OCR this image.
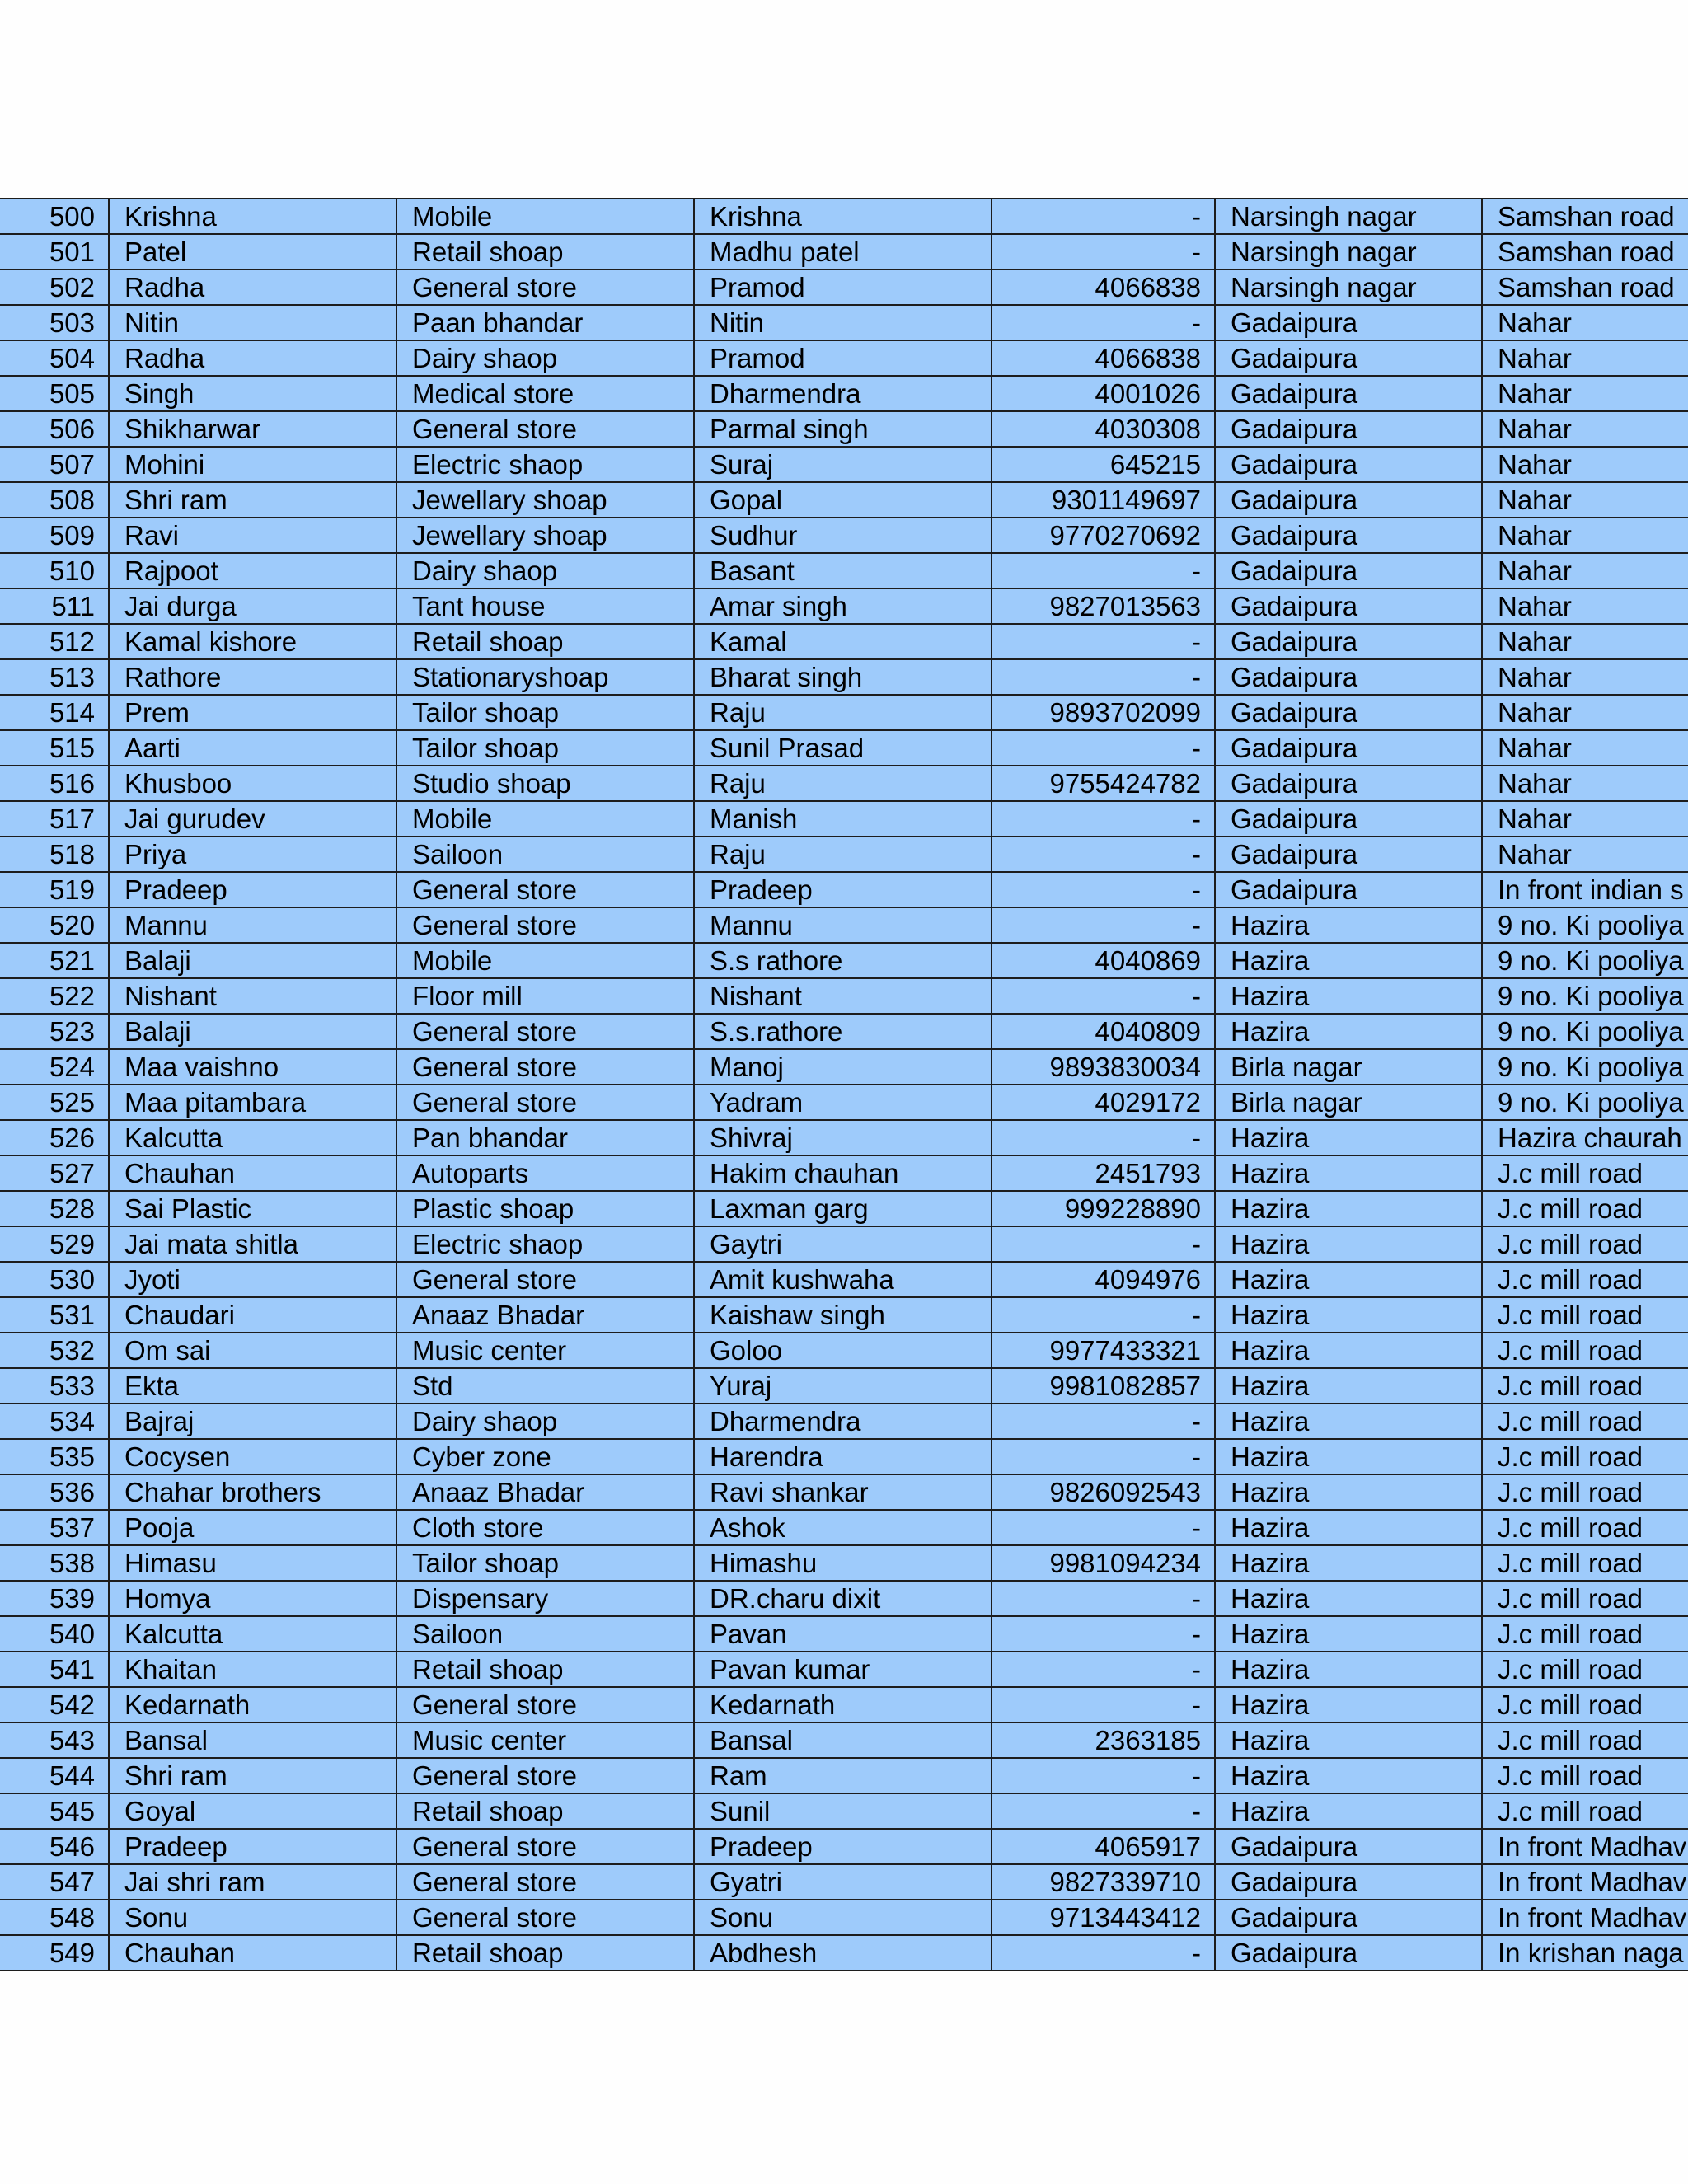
500	Krishna	Mobile	Krishna	-	Narsingh nagar	Samshan road
501	Patel	Retail shoap	Madhu patel	-	Narsingh nagar	Samshan road
502	Radha	General store	Pramod	4066838	Narsingh nagar	Samshan road
503	Nitin	Paan bhandar	Nitin	-	Gadaipura	Nahar
504	Radha	Dairy shaop	Pramod	4066838	Gadaipura	Nahar
505	Singh	Medical store	Dharmendra	4001026	Gadaipura	Nahar
506	Shikharwar	General store	Parmal singh	4030308	Gadaipura	Nahar
507	Mohini	Electric shaop	Suraj	645215	Gadaipura	Nahar
508	Shri ram	Jewellary shoap	Gopal	9301149697	Gadaipura	Nahar
509	Ravi	Jewellary shoap	Sudhur	9770270692	Gadaipura	Nahar
510	Rajpoot	Dairy shaop	Basant	-	Gadaipura	Nahar
511	Jai durga	Tant house	Amar singh	9827013563	Gadaipura	Nahar
512	Kamal kishore	Retail shoap	Kamal	-	Gadaipura	Nahar
513	Rathore	Stationaryshoap	Bharat singh	-	Gadaipura	Nahar
514	Prem	Tailor shoap	Raju	9893702099	Gadaipura	Nahar
515	Aarti	Tailor shoap	Sunil Prasad	-	Gadaipura	Nahar
516	Khusboo	Studio shoap	Raju	9755424782	Gadaipura	Nahar
517	Jai gurudev	Mobile	Manish	-	Gadaipura	Nahar
518	Priya	Sailoon	Raju	-	Gadaipura	Nahar
519	Pradeep	General store	Pradeep	-	Gadaipura	In front indian s
520	Mannu	General store	Mannu	-	Hazira	9 no. Ki pooliya
521	Balaji	Mobile	S.s rathore	4040869	Hazira	9 no. Ki pooliya
522	Nishant	Floor mill	Nishant	-	Hazira	9 no. Ki pooliya
523	Balaji	General store	S.s.rathore	4040809	Hazira	9 no. Ki pooliya
524	Maa vaishno	General store	Manoj	9893830034	Birla nagar	9 no. Ki pooliya
525	Maa pitambara	General store	Yadram	4029172	Birla nagar	9 no. Ki pooliya
526	Kalcutta	Pan bhandar	Shivraj	-	Hazira	Hazira chaurah
527	Chauhan	Autoparts	Hakim chauhan	2451793	Hazira	J.c mill road
528	Sai Plastic	Plastic shoap	Laxman garg	999228890	Hazira	J.c mill road
529	Jai mata shitla	Electric shaop	Gaytri	-	Hazira	J.c mill road
530	Jyoti	General store	Amit kushwaha	4094976	Hazira	J.c mill road
531	Chaudari	Anaaz Bhadar	Kaishaw singh	-	Hazira	J.c mill road
532	Om sai	Music center	Goloo	9977433321	Hazira	J.c mill road
533	Ekta	Std	Yuraj	9981082857	Hazira	J.c mill road
534	Bajraj	Dairy shaop	Dharmendra	-	Hazira	J.c mill road
535	Cocysen	Cyber zone	Harendra	-	Hazira	J.c mill road
536	Chahar brothers	Anaaz Bhadar	Ravi shankar	9826092543	Hazira	J.c mill road
537	Pooja	Cloth store	Ashok	-	Hazira	J.c mill road
538	Himasu	Tailor shoap	Himashu	9981094234	Hazira	J.c mill road
539	Homya	Dispensary	DR.charu dixit	-	Hazira	J.c mill road
540	Kalcutta	Sailoon	Pavan	-	Hazira	J.c mill road
541	Khaitan	Retail shoap	Pavan kumar	-	Hazira	J.c mill road
542	Kedarnath	General store	Kedarnath	-	Hazira	J.c mill road
543	Bansal	Music center	Bansal	2363185	Hazira	J.c mill road
544	Shri ram	General store	Ram	-	Hazira	J.c mill road
545	Goyal	Retail shoap	Sunil	-	Hazira	J.c mill road
546	Pradeep	General store	Pradeep	4065917	Gadaipura	In front Madhav
547	Jai shri ram	General store	Gyatri	9827339710	Gadaipura	In front Madhav
548	Sonu	General store	Sonu	9713443412	Gadaipura	In front Madhav
549	Chauhan	Retail shoap	Abdhesh	-	Gadaipura	In krishan naga
